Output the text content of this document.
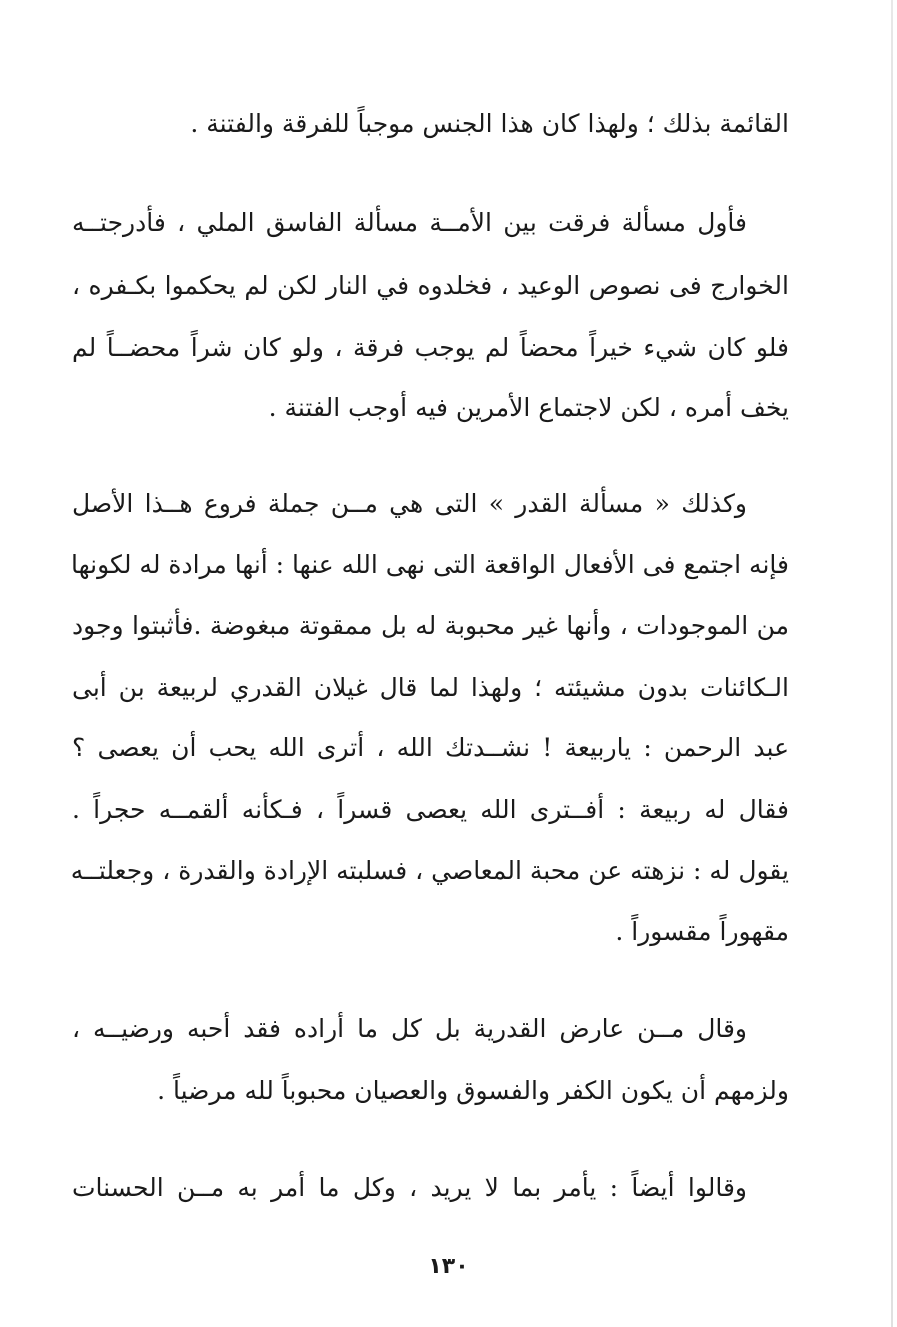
القائمة بذلك ؛ ولهذا كان هذا الجنس موجباً للفرقة والفتنة .
فأول مسألة فرقت بين الأمــة مسألة الفاسق الملي ، فأدرجتــه
الخوارج فى نصوص الوعيد ، فخلدوه في النار لكن لم يحكموا بكـفره ،
فلو كان شيء خيراً محضاً لم يوجب فرقة ، ولو كان شراً محضــاً لم
يخف أمره ، لكن لاجتماع الأمرين فيه أوجب الفتنة .
وكذلك « مسألة القدر » التى هي مــن جملة فروع هــذا الأصل
فإنه اجتمع فى الأفعال الواقعة التى نهى الله عنها : أنها مرادة له لكونها
من الموجودات ، وأنها غير محبوبة له بل ممقوتة مبغوضة .فأثبتوا وجود
الـكائنات بدون مشيئته ؛ ولهذا لما قال غيلان القدري لربيعة بن أبى
عبد الرحمن : ياربيعة ! نشــدتك الله ، أترى الله يحب أن يعصى ؟
فقال له ربيعة : أفــترى الله يعصى قسراً ، فـكأنه ألقمــه حجراً .
يقول له : نزهته عن محبة المعاصي ، فسلبته الإرادة والقدرة ، وجعلتــه
مقهوراً مقسوراً .
وقال مــن عارض القدرية بل كل ما أراده فقد أحبه ورضيــه ،
ولزمهم أن يكون الكفر والفسوق والعصيان محبوباً لله مرضياً .
وقالوا أيضاً : يأمر بما لا يريد ، وكل ما أمر به مــن الحسنات
١٣٠
